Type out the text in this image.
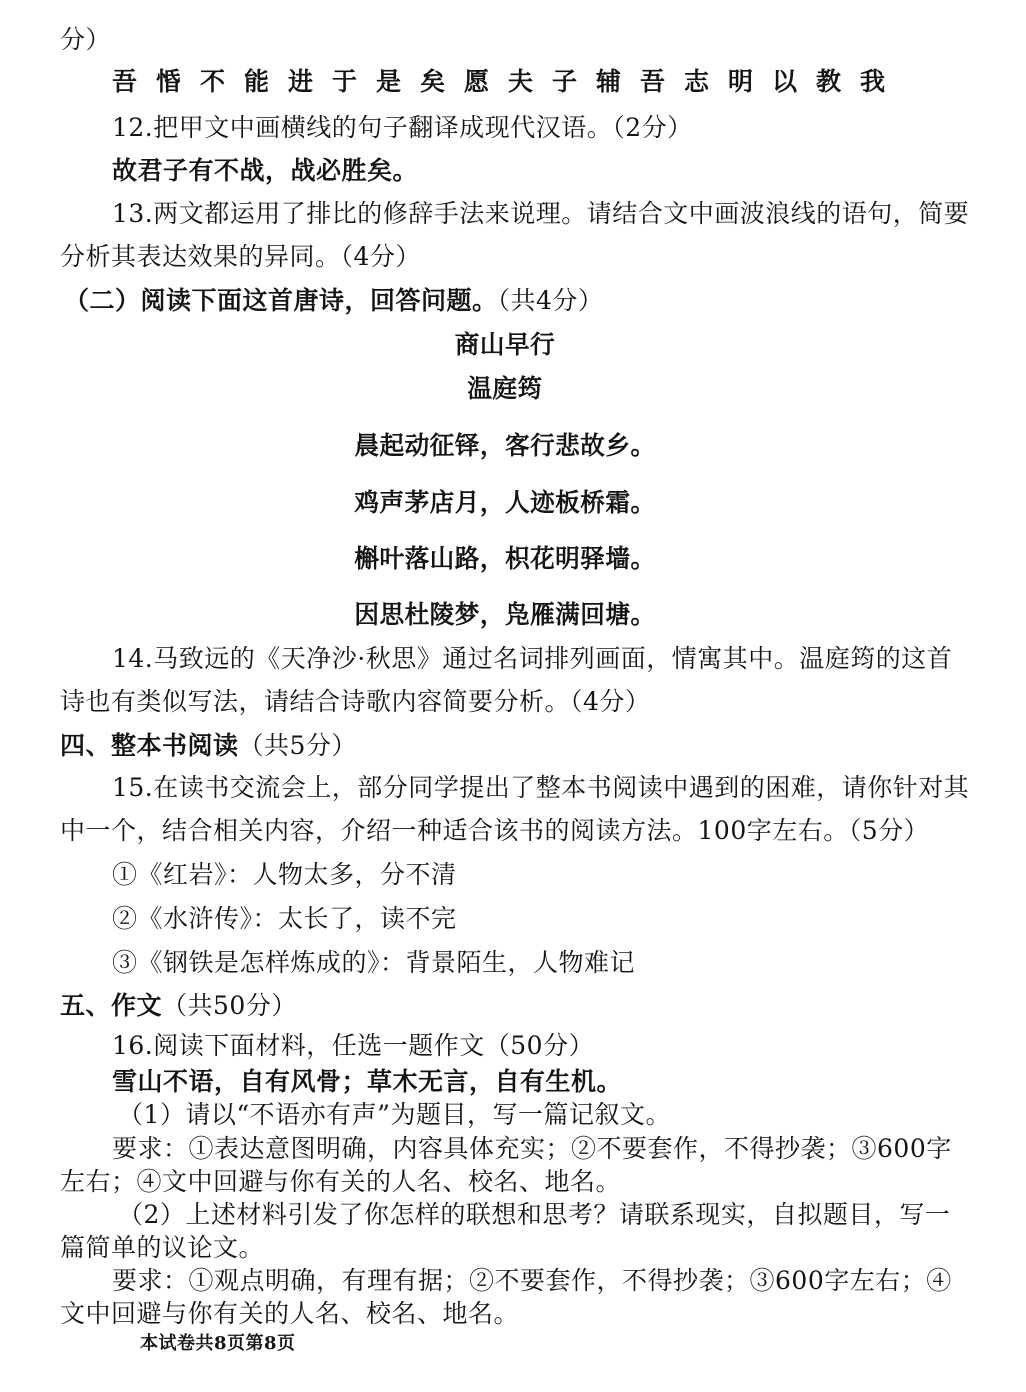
分）
吾惛不能进于是矣愿夫子辅吾志明以教我
12.把甲文中画横线的句子翻译成现代汉语。（2分）
故君子有不战，战必胜矣。
13.两文都运用了排比的修辞手法来说理。请结合文中画波浪线的语句，简要
分析其表达效果的异同。（4分）
（二）阅读下面这首唐诗，回答问题。（共4分）
商山早行
温庭筠
晨起动征铎，客行悲故乡。
鸡声茅店月，人迹板桥霜。
槲叶落山路，枳花明驿墙。
因思杜陵梦，凫雁满回塘。
14.马致远的《天净沙·秋思》通过名词排列画面，情寓其中。温庭筠的这首
诗也有类似写法，请结合诗歌内容简要分析。（4分）
四、整本书阅读（共5分）
15.在读书交流会上，部分同学提出了整本书阅读中遇到的困难，请你针对其
中一个，结合相关内容，介绍一种适合该书的阅读方法。100字左右。（5分）
①《红岩》：人物太多，分不清
②《水浒传》：太长了，读不完
③《钢铁是怎样炼成的》：背景陌生，人物难记
五、作文（共50分）
16.阅读下面材料，任选一题作文（50分）
雪山不语，自有风骨；草木无言，自有生机。
（1）请以“不语亦有声”为题目，写一篇记叙文。
要求：①表达意图明确，内容具体充实；②不要套作，不得抄袭；③600字
左右；④文中回避与你有关的人名、校名、地名。
（2）上述材料引发了你怎样的联想和思考？请联系现实，自拟题目，写一
篇简单的议论文。
要求：①观点明确，有理有据；②不要套作，不得抄袭；③600字左右；④
文中回避与你有关的人名、校名、地名。
本试卷共8页第8页
